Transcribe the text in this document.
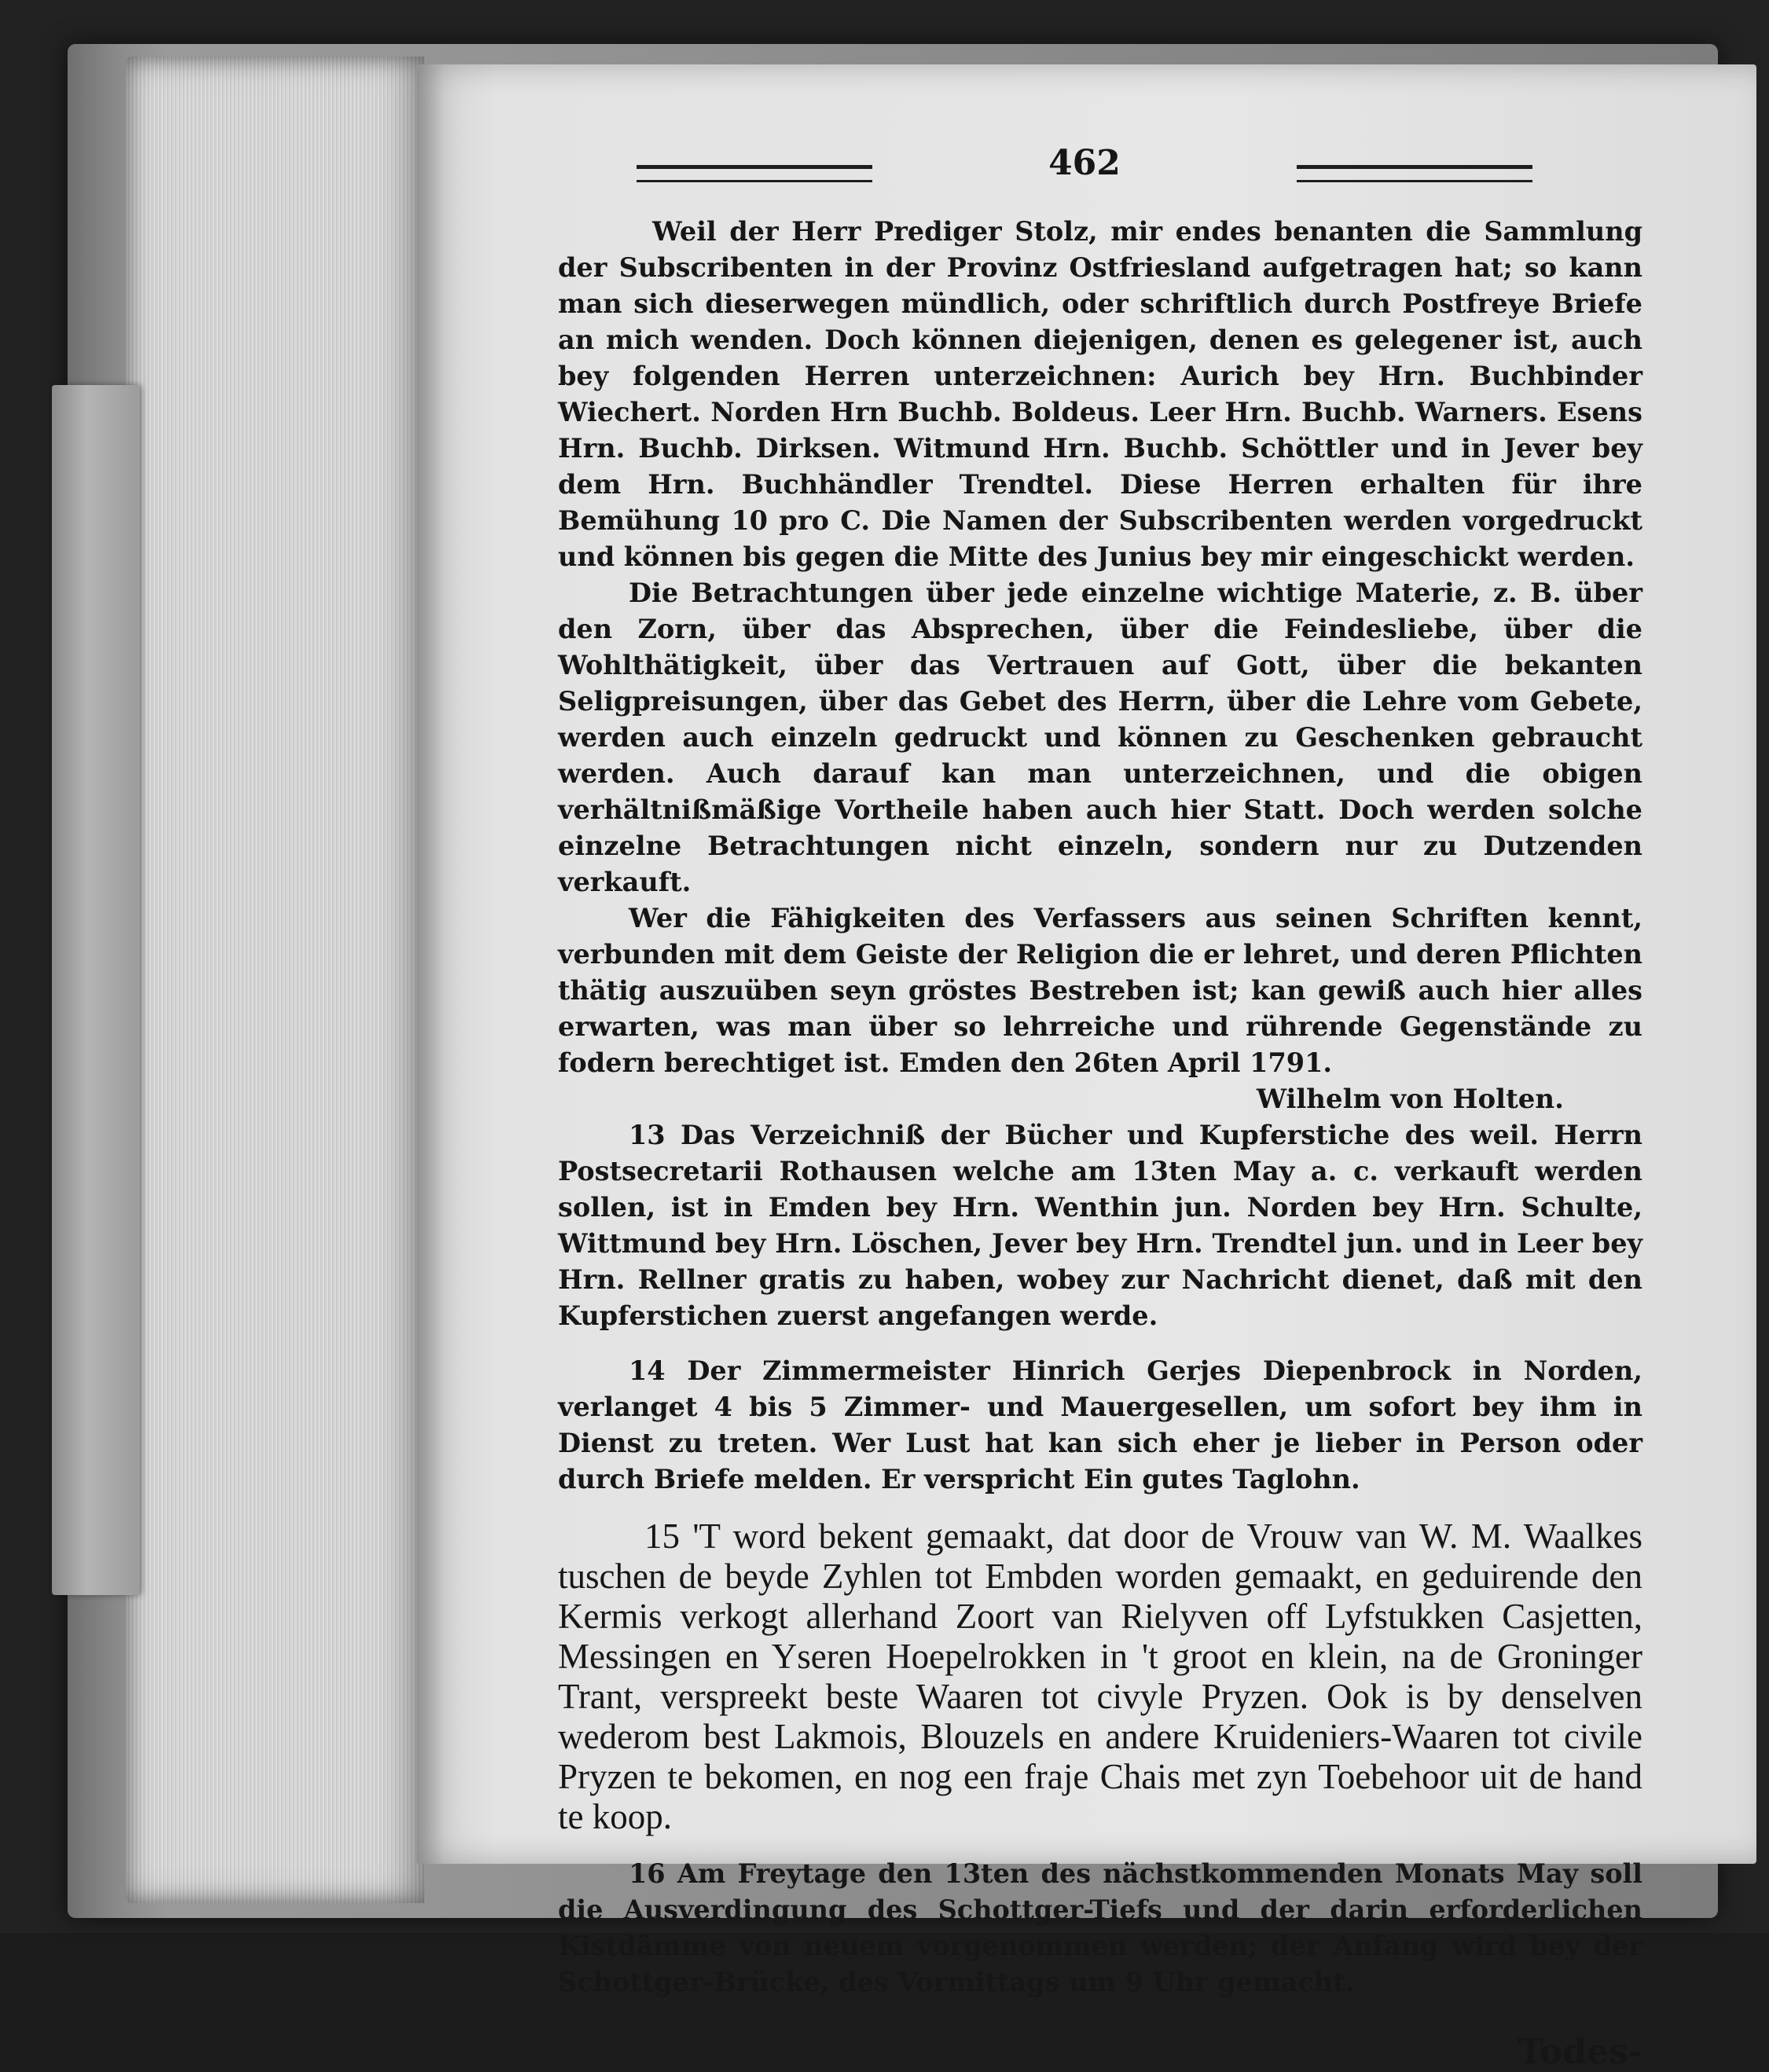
462

Weil der Herr Prediger Stolz, mir endes benanten die Sammlung der Subscribenten in der Provinz Ostfriesland aufgetragen hat; so kann man sich dieserwegen mündlich, oder schriftlich durch Postfreye Briefe an mich wenden. Doch können diejenigen, denen es gelegener ist, auch bey folgenden Herren unterzeichnen: Aurich bey Hrn. Buchbinder Wiechert. Norden Hrn Buchb. Boldeus. Leer Hrn. Buchb. Warners. Esens Hrn. Buchb. Dirksen. Witmund Hrn. Buchb. Schöttler und in Jever bey dem Hrn. Buchhändler Trendtel. Diese Herren erhalten für ihre Bemühung 10 pro C. Die Namen der Subscribenten werden vorgedruckt und können bis gegen die Mitte des Junius bey mir eingeschickt werden.

Die Betrachtungen über jede einzelne wichtige Materie, z. B. über den Zorn, über das Absprechen, über die Feindesliebe, über die Wohlthätigkeit, über das Vertrauen auf Gott, über die bekanten Seligpreisungen, über das Gebet des Herrn, über die Lehre vom Gebete, werden auch einzeln gedruckt und können zu Geschenken gebraucht werden. Auch darauf kan man unterzeichnen, und die obigen verhältnißmäßige Vortheile haben auch hier Statt. Doch werden solche einzelne Betrachtungen nicht einzeln, sondern nur zu Dutzenden verkauft.

Wer die Fähigkeiten des Verfassers aus seinen Schriften kennt, verbunden mit dem Geiste der Religion die er lehret, und deren Pflichten thätig auszuüben seyn gröstes Bestreben ist; kan gewiß auch hier alles erwarten, was man über so lehrreiche und rührende Gegenstände zu fodern berechtiget ist. Emden den 26ten April 1791.

Wilhelm von Holten.

13 Das Verzeichniß der Bücher und Kupferstiche des weil. Herrn Postsecretarii Rothausen welche am 13ten May a. c. verkauft werden sollen, ist in Emden bey Hrn. Wenthin jun. Norden bey Hrn. Schulte, Wittmund bey Hrn. Löschen, Jever bey Hrn. Trendtel jun. und in Leer bey Hrn. Rellner gratis zu haben, wobey zur Nachricht dienet, daß mit den Kupferstichen zuerst angefangen werde.

14 Der Zimmermeister Hinrich Gerjes Diepenbrock in Norden, verlanget 4 bis 5 Zimmer- und Mauergesellen, um sofort bey ihm in Dienst zu treten. Wer Lust hat kan sich eher je lieber in Person oder durch Briefe melden. Er verspricht Ein gutes Taglohn.

15 'T word bekent gemaakt, dat door de Vrouw van W. M. Waalkes tuschen de beyde Zyhlen tot Embden worden gemaakt, en geduirende den Kermis verkogt allerhand Zoort van Rielyven off Lyfstukken Casjetten, Messingen en Yseren Hoepelrokken in 't groot en klein, na de Groninger Trant, verspreekt beste Waaren tot civyle Pryzen. Ook is by denselven wederom best Lakmois, Blouzels en andere Kruideniers-Waaren tot civile Pryzen te bekomen, en nog een fraje Chais met zyn Toebehoor uit de hand te koop.

16 Am Freytage den 13ten des nächstkommenden Monats May soll die Ausverdingung des Schottger-Tiefs und der darin erforderlichen Kistdämme von neuem vorgenommen werden; der Anfang wird bey der Schottger-Brücke, des Vormittags um 9 Uhr gemacht.

Todes-
